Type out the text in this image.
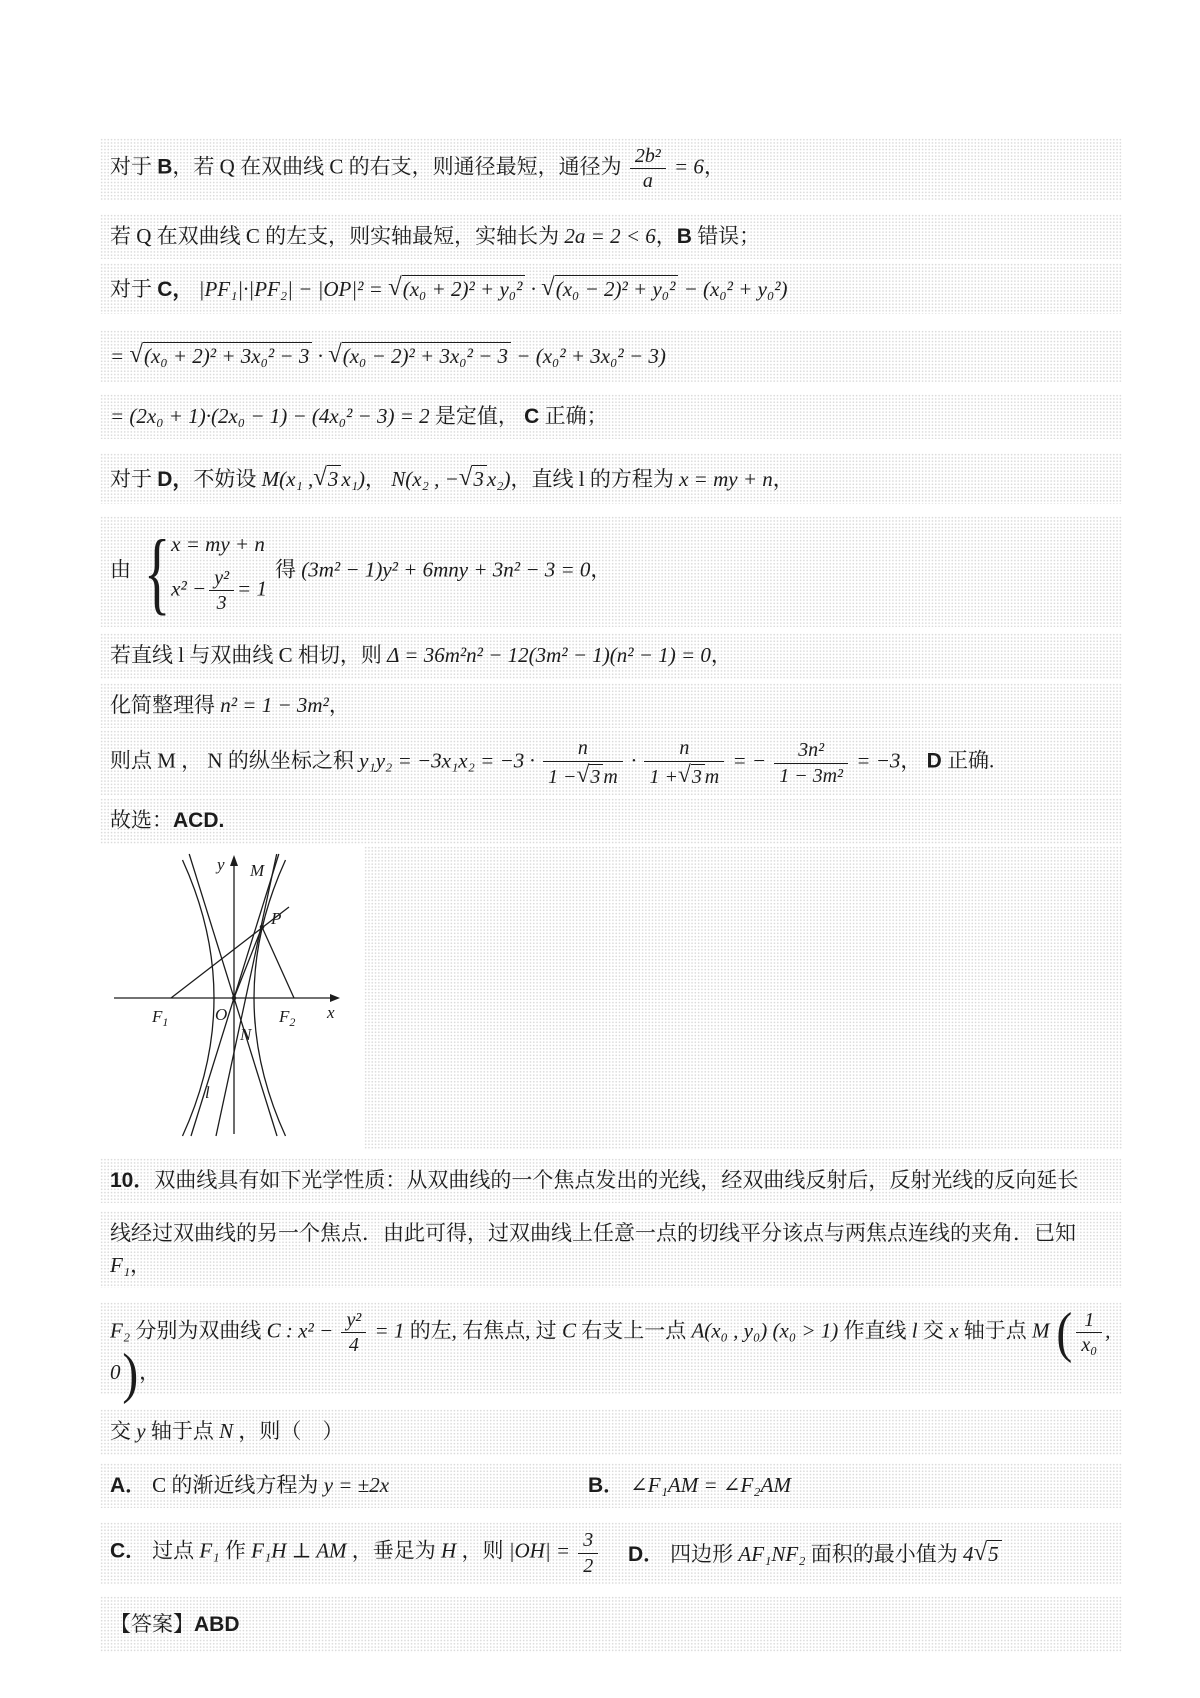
对于 B，若 Q 在双曲线 C 的右支，则通径最短，通径为 $\frac{\text{2b²}}{a} = 6$，
若 Q 在双曲线 C 的左支，则实轴最短，实轴长为 2a = 2 < 6，B 错误；
对于 C， |PF₁|·|PF₂| − |OP|² = √(x₀ + 2)² + y₀² · √(x₀ − 2)² + y₀² − (x₀² + y₀²)
= √(x₀ + 2)² + 3x₀² − 3 · √(x₀ − 2)² + 3x₀² − 3 − (x₀² + 3x₀² − 3)
= (2x₀ + 1)·(2x₀ − 1) − (4x₀² − 3) = 2 是定值， C 正确；
对于 D，不妨设 M(x₁ ,√3 x₁)， N(x₂ , −√3 x₂)，直线 l 的方程为 x = my + n，
由 { x = my + n
$x^2 - \frac{\text{y²}}{3} = 1$
得 (3m² − 1)y² + 6mny + 3n² − 3 = 0，
若直线 l 与双曲线 C 相切，则 Δ = 36m²n² − 12(3m² − 1)(n² − 1) = 0，
化简整理得 n² = 1 − 3m²，
则点 M ， N 的纵坐标之积 $y_1y_2 = -3x_1x_2 = -3 \cdot \frac{n}{1 -√3 m} \cdot \frac{n}{1 +√3 m}$ = − $\frac{\text{3n²}}{\text{1 − 3m²}} = -3$， D 正确.
故选：ACD.
y
x
$F_1$	O	$F_2$
M
P
N
l
10．双曲线具有如下光学性质：从双曲线的一个焦点发出的光线，经双曲线反射后，反射光线的反向延长
线经过双曲线的另一个焦点．由此可得，过双曲线上任意一点的切线平分该点与两焦点连线的夹角．已知 F₁，
F₂ 分别为双曲线 C : $x^2 - \frac{\text{y²}}{4} = 1$ 的左, 右焦点, 过 C 右支上一点 A(x₀ , y₀) (x₀ > 1) 作直线 l 交 x 轴于点 M ( $\frac{1}{\text{x₀}}$ , 0)，
交 y 轴于点 N ，则（　）
A． C 的渐近线方程为 y = ±2x	B． ∠F₁AM = ∠F₂AM
C． 过点 F₁ 作 F₁H ⊥ AM ，垂足为 H ，则 $|OH| = \frac{3}{2}$ D． 四边形 AF₁NF₂ 面积的最小值为 4√5
【答案】ABD
